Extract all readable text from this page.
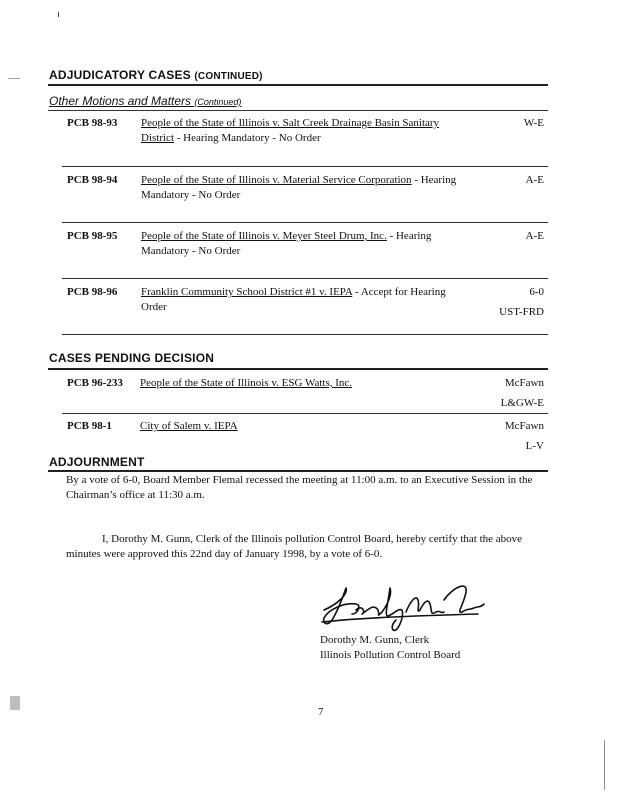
ADJUDICATORY CASES (CONTINUED)
Other Motions and Matters (Continued)
PCB 98-93 People of the State of Illinois v. Salt Creek Drainage Basin Sanitary District - Hearing Mandatory - No Order
W-E
PCB 98-94 People of the State of Illinois v. Material Service Corporation - Hearing Mandatory - No Order
A-E
PCB 98-95 People of the State of Illinois v. Meyer Steel Drum, Inc. - Hearing Mandatory - No Order
A-E
PCB 98-96 Franklin Community School District #1 v. IEPA - Accept for Hearing Order
6-0
UST-FRD
CASES PENDING DECISION
PCB 96-233 People of the State of Illinois v. ESG Watts, Inc.	McFawn
L&GW-E
PCB 98-1	City of Salem v. IEPA	McFawn
L-V
ADJOURNMENT
By a vote of 6-0, Board Member Flemal recessed the meeting at 11:00 a.m. to an Executive Session in the Chairman’s office at 11:30 a.m.
I, Dorothy M. Gunn, Clerk of the Illinois pollution Control Board, hereby certify that the above minutes were approved this 22nd day of January 1998, by a vote of 6-0.
Dorothy M. Gunn, Clerk
Illinois Pollution Control Board
7
